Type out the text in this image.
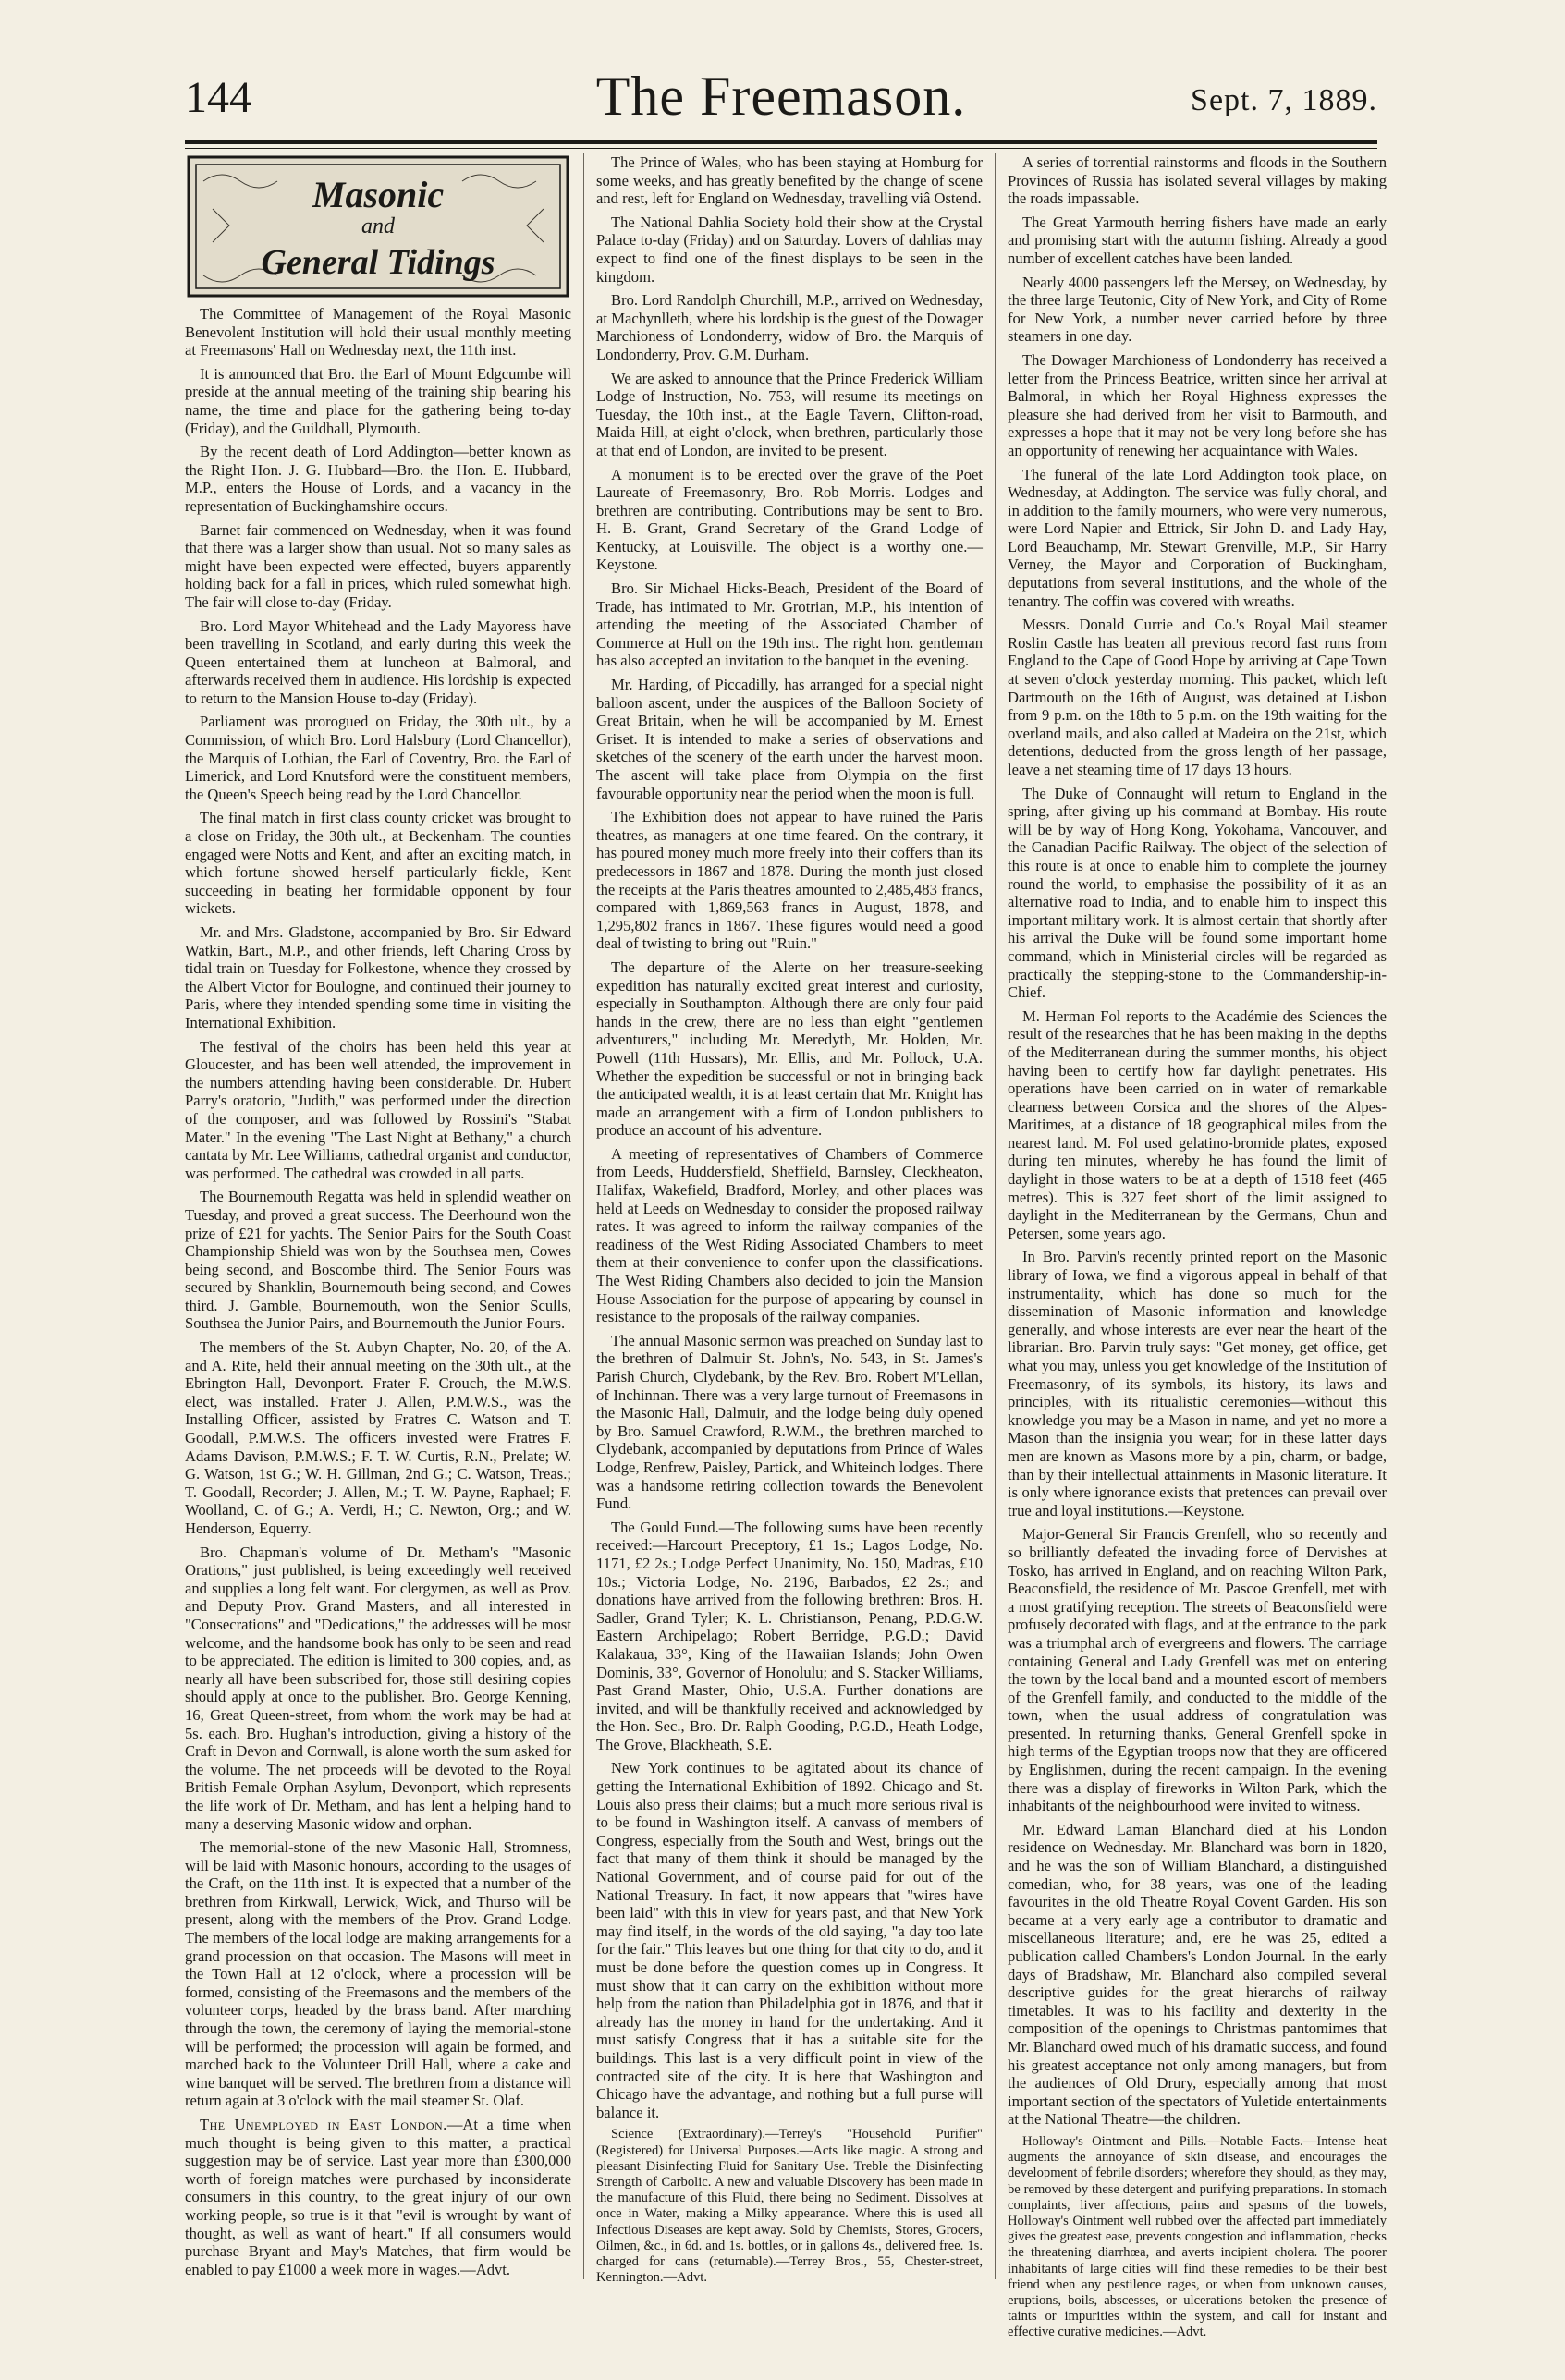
144	The Freemason.	Sept. 7, 1889.
Masonic
and
General Tidings

The Committee of Management of the Royal Masonic Benevolent Institution will hold their usual monthly meeting at Freemasons' Hall on Wednesday next, the 11th inst.

It is announced that Bro. the Earl of Mount Edgcumbe will preside at the annual meeting of the training ship bearing his name, the time and place for the gathering being to-day (Friday), and the Guildhall, Plymouth.

By the recent death of Lord Addington—better known as the Right Hon. J. G. Hubbard—Bro. the Hon. E. Hubbard, M.P., enters the House of Lords, and a vacancy in the representation of Buckinghamshire occurs.

Barnet fair commenced on Wednesday, when it was found that there was a larger show than usual. Not so many sales as might have been expected were effected, buyers apparently holding back for a fall in prices, which ruled somewhat high. The fair will close to-day (Friday.

Bro. Lord Mayor Whitehead and the Lady Mayoress have been travelling in Scotland, and early during this week the Queen entertained them at luncheon at Balmoral, and afterwards received them in audience. His lordship is expected to return to the Mansion House to-day (Friday).

Parliament was prorogued on Friday, the 30th ult., by a Commission, of which Bro. Lord Halsbury (Lord Chancellor), the Marquis of Lothian, the Earl of Coventry, Bro. the Earl of Limerick, and Lord Knutsford were the constituent members, the Queen's Speech being read by the Lord Chancellor.

The final match in first class county cricket was brought to a close on Friday, the 30th ult., at Beckenham. The counties engaged were Notts and Kent, and after an exciting match, in which fortune showed herself particularly fickle, Kent succeeding in beating her formidable opponent by four wickets.

Mr. and Mrs. Gladstone, accompanied by Bro. Sir Edward Watkin, Bart., M.P., and other friends, left Charing Cross by tidal train on Tuesday for Folkestone, whence they crossed by the Albert Victor for Boulogne, and continued their journey to Paris, where they intended spending some time in visiting the International Exhibition.

The festival of the choirs has been held this year at Gloucester, and has been well attended, the improvement in the numbers attending having been considerable. Dr. Hubert Parry's oratorio, "Judith," was performed under the direction of the composer, and was followed by Rossini's "Stabat Mater." In the evening "The Last Night at Bethany," a church cantata by Mr. Lee Williams, cathedral organist and conductor, was performed. The cathedral was crowded in all parts.

The Bournemouth Regatta was held in splendid weather on Tuesday, and proved a great success. The Deerhound won the prize of £21 for yachts. The Senior Pairs for the South Coast Championship Shield was won by the Southsea men, Cowes being second, and Boscombe third. The Senior Fours was secured by Shanklin, Bournemouth being second, and Cowes third. J. Gamble, Bournemouth, won the Senior Sculls, Southsea the Junior Pairs, and Bournemouth the Junior Fours.

The members of the St. Aubyn Chapter, No. 20, of the A. and A. Rite, held their annual meeting on the 30th ult., at the Ebrington Hall, Devonport. Frater F. Crouch, the M.W.S. elect, was installed. Frater J. Allen, P.M.W.S., was the Installing Officer, assisted by Fratres C. Watson and T. Goodall, P.M.W.S. The officers invested were Fratres F. Adams Davison, P.M.W.S.; F. T. W. Curtis, R.N., Prelate; W. G. Watson, 1st G.; W. H. Gillman, 2nd G.; C. Watson, Treas.; T. Goodall, Recorder; J. Allen, M.; T. W. Payne, Raphael; F. Woolland, C. of G.; A. Verdi, H.; C. Newton, Org.; and W. Henderson, Equerry.

Bro. Chapman's volume of Dr. Metham's "Masonic Orations," just published, is being exceedingly well received and supplies a long felt want. For clergymen, as well as Prov. and Deputy Prov. Grand Masters, and all interested in "Consecrations" and "Dedications," the addresses will be most welcome, and the handsome book has only to be seen and read to be appreciated. The edition is limited to 300 copies, and, as nearly all have been subscribed for, those still desiring copies should apply at once to the publisher. Bro. George Kenning, 16, Great Queen-street, from whom the work may be had at 5s. each. Bro. Hughan's introduction, giving a history of the Craft in Devon and Cornwall, is alone worth the sum asked for the volume. The net proceeds will be devoted to the Royal British Female Orphan Asylum, Devonport, which represents the life work of Dr. Metham, and has lent a helping hand to many a deserving Masonic widow and orphan.

The memorial-stone of the new Masonic Hall, Stromness, will be laid with Masonic honours, according to the usages of the Craft, on the 11th inst. It is expected that a number of the brethren from Kirkwall, Lerwick, Wick, and Thurso will be present, along with the members of the Prov. Grand Lodge. The members of the local lodge are making arrangements for a grand procession on that occasion. The Masons will meet in the Town Hall at 12 o'clock, where a procession will be formed, consisting of the Freemasons and the members of the volunteer corps, headed by the brass band. After marching through the town, the ceremony of laying the memorial-stone will be performed; the procession will again be formed, and marched back to the Volunteer Drill Hall, where a cake and wine banquet will be served. The brethren from a distance will return again at 3 o'clock with the mail steamer St. Olaf.

The Unemployed in East London.—At a time when much thought is being given to this matter, a practical suggestion may be of service. Last year more than £300,000 worth of foreign matches were purchased by inconsiderate consumers in this country, to the great injury of our own working people, so true is it that "evil is wrought by want of thought, as well as want of heart." If all consumers would purchase Bryant and May's Matches, that firm would be enabled to pay £1000 a week more in wages.—Advt.

The Prince of Wales, who has been staying at Homburg for some weeks, and has greatly benefited by the change of scene and rest, left for England on Wednesday, travelling viâ Ostend.

The National Dahlia Society hold their show at the Crystal Palace to-day (Friday) and on Saturday. Lovers of dahlias may expect to find one of the finest displays to be seen in the kingdom.

Bro. Lord Randolph Churchill, M.P., arrived on Wednesday, at Machynlleth, where his lordship is the guest of the Dowager Marchioness of Londonderry, widow of Bro. the Marquis of Londonderry, Prov. G.M. Durham.

We are asked to announce that the Prince Frederick William Lodge of Instruction, No. 753, will resume its meetings on Tuesday, the 10th inst., at the Eagle Tavern, Clifton-road, Maida Hill, at eight o'clock, when brethren, particularly those at that end of London, are invited to be present.

A monument is to be erected over the grave of the Poet Laureate of Freemasonry, Bro. Rob Morris. Lodges and brethren are contributing. Contributions may be sent to Bro. H. B. Grant, Grand Secretary of the Grand Lodge of Kentucky, at Louisville. The object is a worthy one.—Keystone.

Bro. Sir Michael Hicks-Beach, President of the Board of Trade, has intimated to Mr. Grotrian, M.P., his intention of attending the meeting of the Associated Chamber of Commerce at Hull on the 19th inst. The right hon. gentleman has also accepted an invitation to the banquet in the evening.

Mr. Harding, of Piccadilly, has arranged for a special night balloon ascent, under the auspices of the Balloon Society of Great Britain, when he will be accompanied by M. Ernest Griset. It is intended to make a series of observations and sketches of the scenery of the earth under the harvest moon. The ascent will take place from Olympia on the first favourable opportunity near the period when the moon is full.

The Exhibition does not appear to have ruined the Paris theatres, as managers at one time feared. On the contrary, it has poured money much more freely into their coffers than its predecessors in 1867 and 1878. During the month just closed the receipts at the Paris theatres amounted to 2,485,483 francs, compared with 1,869,563 francs in August, 1878, and 1,295,802 francs in 1867. These figures would need a good deal of twisting to bring out "Ruin."

The departure of the Alerte on her treasure-seeking expedition has naturally excited great interest and curiosity, especially in Southampton. Although there are only four paid hands in the crew, there are no less than eight "gentlemen adventurers," including Mr. Meredyth, Mr. Holden, Mr. Powell (11th Hussars), Mr. Ellis, and Mr. Pollock, U.A. Whether the expedition be successful or not in bringing back the anticipated wealth, it is at least certain that Mr. Knight has made an arrangement with a firm of London publishers to produce an account of his adventure.

A meeting of representatives of Chambers of Commerce from Leeds, Huddersfield, Sheffield, Barnsley, Cleckheaton, Halifax, Wakefield, Bradford, Morley, and other places was held at Leeds on Wednesday to consider the proposed railway rates. It was agreed to inform the railway companies of the readiness of the West Riding Associated Chambers to meet them at their convenience to confer upon the classifications. The West Riding Chambers also decided to join the Mansion House Association for the purpose of appearing by counsel in resistance to the proposals of the railway companies.

The annual Masonic sermon was preached on Sunday last to the brethren of Dalmuir St. John's, No. 543, in St. James's Parish Church, Clydebank, by the Rev. Bro. Robert M'Lellan, of Inchinnan. There was a very large turnout of Freemasons in the Masonic Hall, Dalmuir, and the lodge being duly opened by Bro. Samuel Crawford, R.W.M., the brethren marched to Clydebank, accompanied by deputations from Prince of Wales Lodge, Renfrew, Paisley, Partick, and Whiteinch lodges. There was a handsome retiring collection towards the Benevolent Fund.

The Gould Fund.—The following sums have been recently received:—Harcourt Preceptory, £1 1s.; Lagos Lodge, No. 1171, £2 2s.; Lodge Perfect Unanimity, No. 150, Madras, £10 10s.; Victoria Lodge, No. 2196, Barbados, £2 2s.; and donations have arrived from the following brethren: Bros. H. Sadler, Grand Tyler; K. L. Christianson, Penang, P.D.G.W. Eastern Archipelago; Robert Berridge, P.G.D.; David Kalakaua, 33°, King of the Hawaiian Islands; John Owen Dominis, 33°, Governor of Honolulu; and S. Stacker Williams, Past Grand Master, Ohio, U.S.A. Further donations are invited, and will be thankfully received and acknowledged by the Hon. Sec., Bro. Dr. Ralph Gooding, P.G.D., Heath Lodge, The Grove, Blackheath, S.E.

New York continues to be agitated about its chance of getting the International Exhibition of 1892. Chicago and St. Louis also press their claims; but a much more serious rival is to be found in Washington itself. A canvass of members of Congress, especially from the South and West, brings out the fact that many of them think it should be managed by the National Government, and of course paid for out of the National Treasury. In fact, it now appears that "wires have been laid" with this in view for years past, and that New York may find itself, in the words of the old saying, "a day too late for the fair." This leaves but one thing for that city to do, and it must be done before the question comes up in Congress. It must show that it can carry on the exhibition without more help from the nation than Philadelphia got in 1876, and that it already has the money in hand for the undertaking. And it must satisfy Congress that it has a suitable site for the buildings. This last is a very difficult point in view of the contracted site of the city. It is here that Washington and Chicago have the advantage, and nothing but a full purse will balance it.

Science (Extraordinary).—Terrey's "Household Purifier" (Registered) for Universal Purposes.—Acts like magic. A strong and pleasant Disinfecting Fluid for Sanitary Use. Treble the Disinfecting Strength of Carbolic. A new and valuable Discovery has been made in the manufacture of this Fluid, there being no Sediment. Dissolves at once in Water, making a Milky appearance. Where this is used all Infectious Diseases are kept away. Sold by Chemists, Stores, Grocers, Oilmen, &c., in 6d. and 1s. bottles, or in gallons 4s., delivered free. 1s. charged for cans (returnable).—Terrey Bros., 55, Chester-street, Kennington.—Advt.

A series of torrential rainstorms and floods in the Southern Provinces of Russia has isolated several villages by making the roads impassable.

The Great Yarmouth herring fishers have made an early and promising start with the autumn fishing. Already a good number of excellent catches have been landed.

Nearly 4000 passengers left the Mersey, on Wednesday, by the three large Teutonic, City of New York, and City of Rome for New York, a number never carried before by three steamers in one day.

The Dowager Marchioness of Londonderry has received a letter from the Princess Beatrice, written since her arrival at Balmoral, in which her Royal Highness expresses the pleasure she had derived from her visit to Barmouth, and expresses a hope that it may not be very long before she has an opportunity of renewing her acquaintance with Wales.

The funeral of the late Lord Addington took place, on Wednesday, at Addington. The service was fully choral, and in addition to the family mourners, who were very numerous, were Lord Napier and Ettrick, Sir John D. and Lady Hay, Lord Beauchamp, Mr. Stewart Grenville, M.P., Sir Harry Verney, the Mayor and Corporation of Buckingham, deputations from several institutions, and the whole of the tenantry. The coffin was covered with wreaths.

Messrs. Donald Currie and Co.'s Royal Mail steamer Roslin Castle has beaten all previous record fast runs from England to the Cape of Good Hope by arriving at Cape Town at seven o'clock yesterday morning. This packet, which left Dartmouth on the 16th of August, was detained at Lisbon from 9 p.m. on the 18th to 5 p.m. on the 19th waiting for the overland mails, and also called at Madeira on the 21st, which detentions, deducted from the gross length of her passage, leave a net steaming time of 17 days 13 hours.

The Duke of Connaught will return to England in the spring, after giving up his command at Bombay. His route will be by way of Hong Kong, Yokohama, Vancouver, and the Canadian Pacific Railway. The object of the selection of this route is at once to enable him to complete the journey round the world, to emphasise the possibility of it as an alternative road to India, and to enable him to inspect this important military work. It is almost certain that shortly after his arrival the Duke will be found some important home command, which in Ministerial circles will be regarded as practically the stepping-stone to the Commandership-in-Chief.

M. Herman Fol reports to the Académie des Sciences the result of the researches that he has been making in the depths of the Mediterranean during the summer months, his object having been to certify how far daylight penetrates. His operations have been carried on in water of remarkable clearness between Corsica and the shores of the Alpes-Maritimes, at a distance of 18 geographical miles from the nearest land. M. Fol used gelatino-bromide plates, exposed during ten minutes, whereby he has found the limit of daylight in those waters to be at a depth of 1518 feet (465 metres). This is 327 feet short of the limit assigned to daylight in the Mediterranean by the Germans, Chun and Petersen, some years ago.

In Bro. Parvin's recently printed report on the Masonic library of Iowa, we find a vigorous appeal in behalf of that instrumentality, which has done so much for the dissemination of Masonic information and knowledge generally, and whose interests are ever near the heart of the librarian. Bro. Parvin truly says: "Get money, get office, get what you may, unless you get knowledge of the Institution of Freemasonry, of its symbols, its history, its laws and principles, with its ritualistic ceremonies—without this knowledge you may be a Mason in name, and yet no more a Mason than the insignia you wear; for in these latter days men are known as Masons more by a pin, charm, or badge, than by their intellectual attainments in Masonic literature. It is only where ignorance exists that pretences can prevail over true and loyal institutions.—Keystone.

Major-General Sir Francis Grenfell, who so recently and so brilliantly defeated the invading force of Dervishes at Tosko, has arrived in England, and on reaching Wilton Park, Beaconsfield, the residence of Mr. Pascoe Grenfell, met with a most gratifying reception. The streets of Beaconsfield were profusely decorated with flags, and at the entrance to the park was a triumphal arch of evergreens and flowers. The carriage containing General and Lady Grenfell was met on entering the town by the local band and a mounted escort of members of the Grenfell family, and conducted to the middle of the town, when the usual address of congratulation was presented. In returning thanks, General Grenfell spoke in high terms of the Egyptian troops now that they are officered by Englishmen, during the recent campaign. In the evening there was a display of fireworks in Wilton Park, which the inhabitants of the neighbourhood were invited to witness.

Mr. Edward Laman Blanchard died at his London residence on Wednesday. Mr. Blanchard was born in 1820, and he was the son of William Blanchard, a distinguished comedian, who, for 38 years, was one of the leading favourites in the old Theatre Royal Covent Garden. His son became at a very early age a contributor to dramatic and miscellaneous literature; and, ere he was 25, edited a publication called Chambers's London Journal. In the early days of Bradshaw, Mr. Blanchard also compiled several descriptive guides for the great hierarchs of railway timetables. It was to his facility and dexterity in the composition of the openings to Christmas pantomimes that Mr. Blanchard owed much of his dramatic success, and found his greatest acceptance not only among managers, but from the audiences of Old Drury, especially among that most important section of the spectators of Yuletide entertainments at the National Theatre—the children.

Holloway's Ointment and Pills.—Notable Facts.—Intense heat augments the annoyance of skin disease, and encourages the development of febrile disorders; wherefore they should, as they may, be removed by these detergent and purifying preparations. In stomach complaints, liver affections, pains and spasms of the bowels, Holloway's Ointment well rubbed over the affected part immediately gives the greatest ease, prevents congestion and inflammation, checks the threatening diarrhœa, and averts incipient cholera. The poorer inhabitants of large cities will find these remedies to be their best friend when any pestilence rages, or when from unknown causes, eruptions, boils, abscesses, or ulcerations betoken the presence of taints or impurities within the system, and call for instant and effective curative medicines.—Advt.
